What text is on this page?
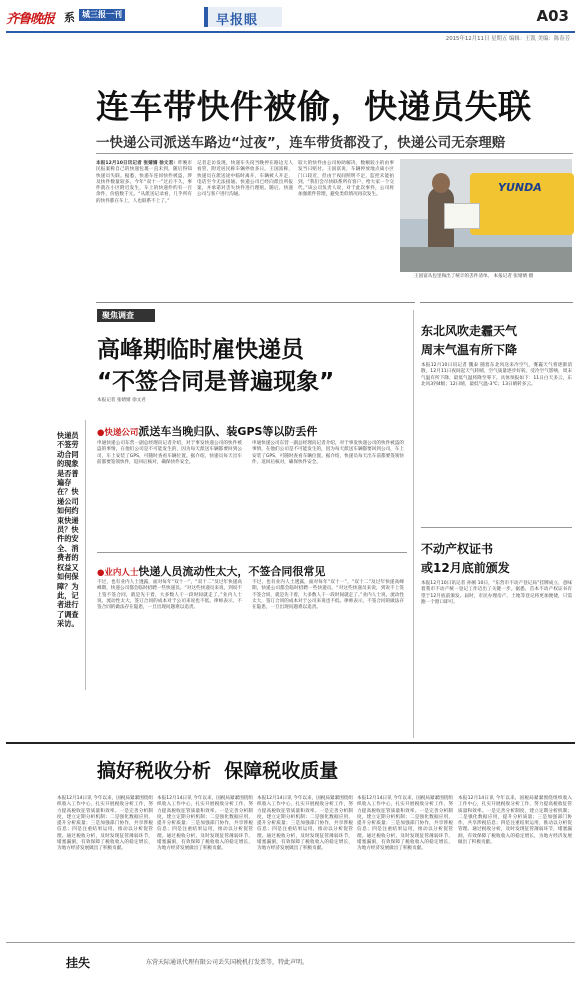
齐鲁晚报 系 城三报一刊	早报眼	A03
2015年12月11日 星期五 编辑：王凯 美编：陈春芳
连车带快件被偷，快递员失联
一快递公司派送车路边“过夜”，连车带货都没了，快递公司无奈理赔
本报12月10日讯记者 张婧婧 徐文君）昨晚市民报案称自己的快递包裹一直未到，随后得知快递员失联。据悉，快递车连同快件被盗，涉及快件数量较多。今年“双十一”过后不久，事件就在小区附近发生，车上的快递件约有一百余件，价值数千元。“从派送记录看，几乎所有的快件都在车上，人也联系不上了。”
记者走访发现，快递车失窃当晚停在路边无人看管，附近居民称车辆停放多日。王国富称，快递员在派送途中临时离开，车辆被人开走，电话至今无法接通。快递公司已经向派出所报案，并承诺对丢失快件进行理赔。随后，快递公司与客户进行沟通。
较大的快件由公司协助解决，数额较小的由事发当日赔付。王国富说，车辆停放地点离小区门口较近，但由于夜间照明不足，监控未能拍到。“我们会尽快联系所有客户，给大家一个交代。”该公司负责人说，对于此次事件，公司将加强派件管理，避免类似情况再次发生。
YUNDA
王国富从包里掏出了统计的丢件清单。 本报记者 张婧婧 摄
聚焦调查
高峰期临时雇快递员
“不签合同是普遍现象”
本报记者 张婧婧 徐文君
快递员不签劳动合同的现象是否普遍存在？快递公司如何约束快递员？快件的安全、消费者的权益又如何保障？为此，记者进行了调查采访。
●快递公司派送车当晚归队、装GPS等以防丢件
申通快递公司东营一副总经理向记者介绍，对于事发快递公司的快件被盗的事情，在他们公司是不可能发生的，因为每天派送车辆都要回到公司，车上安装了GPS，可随时查看车辆位置。据介绍，快递员每天出车前都要签领快件，返回后核对，确保快件安全。
申通快递公司东营一副总经理向记者介绍，对于事发快递公司的快件被盗的事情，在他们公司是不可能发生的，因为每天派送车辆都要回到公司，车上安装了GPS，可随时查看车辆位置。据介绍，快递员每天出车前都要签领快件，返回后核对，确保快件安全。
●业内人士快递人员流动性太大，不签合同很常见
不过，也有业内人士透露，面对每年“双十一”、“双十二”及过年快递高峰期，快递公司都会临时招聘一些快递员。“对这些快递员来说，到说不上签不签合同，就是先干着，大多数人干一段时间就走了。”业内人士说，流动性太大，签订合同的成本对于公司来说也不低。律师表示，不签合同的做法存在隐患，一旦出现问题难以追责。
不过，也有业内人士透露，面对每年“双十一”、“双十二”及过年快递高峰期，快递公司都会临时招聘一些快递员。“对这些快递员来说，到说不上签不签合同，就是先干着，大多数人干一段时间就走了。”业内人士说，流动性太大，签订合同的成本对于公司来说也不低。律师表示，不签合同的做法存在隐患，一旦出现问题难以追责。
东北风吹走霾天气
周末气温有所下降
本报12月10日讯记者 魏泰 随着东北风送来冷空气，雾霾天气将逐渐消散，12月11日夜间起天气转晴，空气质量逐步好转。受冷空气影响，周末气温有所下降，最低气温将降至零下。具体预报如下：11日白天多云，东北风3到4级；12日晴，最低气温-3℃；13日晴转多云。
不动产权证书
或12月底前颁发
本报12月10日讯记者 孙刚 10日，“东营市不动产登记局”挂牌成立，意味着我市不动产统一登记工作迈出了关键一步。据悉，首本不动产权证书有望于12月底前颁发。届时，市民办理房产、土地等登记将更加便捷，只需跑一个窗口即可。
搞好税收分析  保障税收质量
本报12月14日讯 今年以来，国税局紧紧围绕组织收入工作中心，扎实开展税收分析工作，努力提高税收征管质量和效率。一是完善分析制度，建立定期分析机制；二是强化数据应用，提升分析质量；三是加强部门协作，共享涉税信息；四是注重结果运用，推动以分析促管理。通过税收分析，及时发现征管薄弱环节，堵塞漏洞，有效保障了税收收入的稳定增长，为地方经济发展做出了积极贡献。
本报12月14日讯 今年以来，国税局紧紧围绕组织收入工作中心，扎实开展税收分析工作，努力提高税收征管质量和效率。一是完善分析制度，建立定期分析机制；二是强化数据应用，提升分析质量；三是加强部门协作，共享涉税信息；四是注重结果运用，推动以分析促管理。通过税收分析，及时发现征管薄弱环节，堵塞漏洞，有效保障了税收收入的稳定增长，为地方经济发展做出了积极贡献。
本报12月14日讯 今年以来，国税局紧紧围绕组织收入工作中心，扎实开展税收分析工作，努力提高税收征管质量和效率。一是完善分析制度，建立定期分析机制；二是强化数据应用，提升分析质量；三是加强部门协作，共享涉税信息；四是注重结果运用，推动以分析促管理。通过税收分析，及时发现征管薄弱环节，堵塞漏洞，有效保障了税收收入的稳定增长，为地方经济发展做出了积极贡献。
本报12月14日讯 今年以来，国税局紧紧围绕组织收入工作中心，扎实开展税收分析工作，努力提高税收征管质量和效率。一是完善分析制度，建立定期分析机制；二是强化数据应用，提升分析质量；三是加强部门协作，共享涉税信息；四是注重结果运用，推动以分析促管理。通过税收分析，及时发现征管薄弱环节，堵塞漏洞，有效保障了税收收入的稳定增长，为地方经济发展做出了积极贡献。
本报12月14日讯 今年以来，国税局紧紧围绕组织收入工作中心，扎实开展税收分析工作，努力提高税收征管质量和效率。一是完善分析制度，建立定期分析机制；二是强化数据应用，提升分析质量；三是加强部门协作，共享涉税信息；四是注重结果运用，推动以分析促管理。通过税收分析，及时发现征管薄弱环节，堵塞漏洞，有效保障了税收收入的稳定增长，为地方经济发展做出了积极贡献。
挂失	东营天际通讯代理有限公司丢失国税机打发票等，特此声明。
